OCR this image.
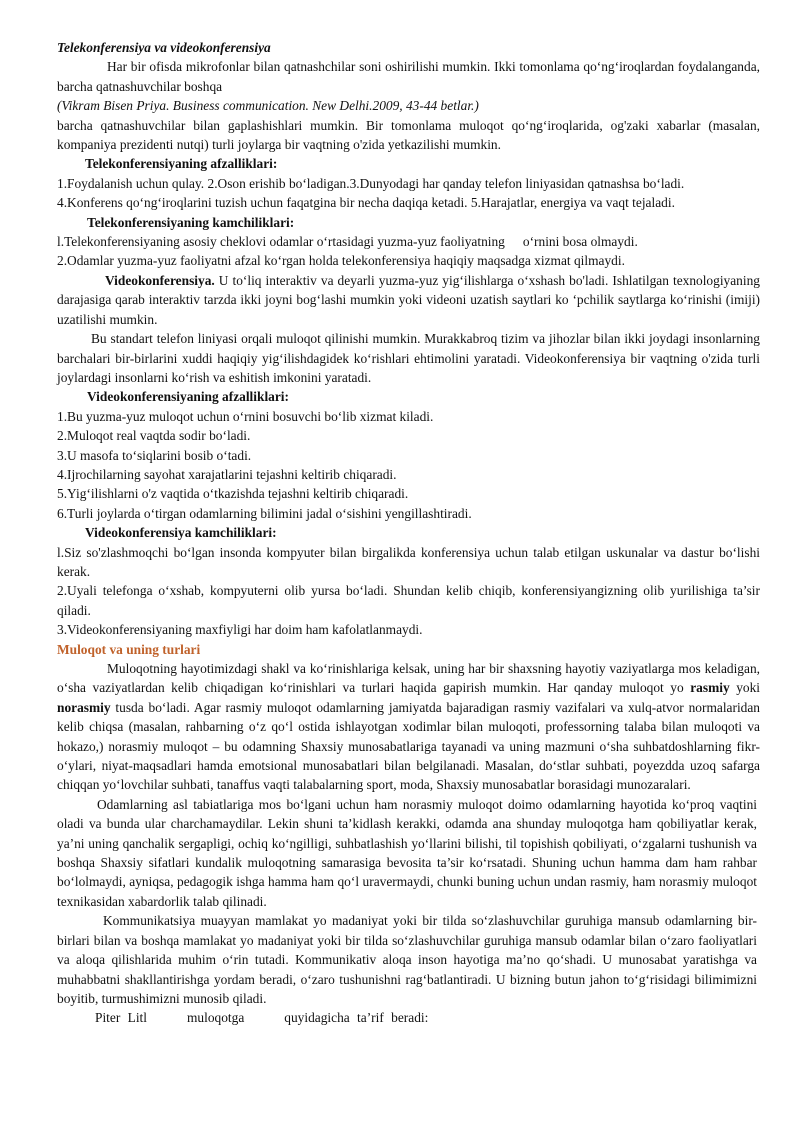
Telekonferensiya va videokonferensiya

Har bir ofisda mikrofonlar bilan qatnashchilar soni oshirilishi mumkin. Ikki tomonlama qo‘ng‘iroqlardan foydalanganda, barcha qatnashuvchilar boshqa

(Vikram Bisen Priya. Business communication. New Delhi.2009, 43-44 betlar.)

barcha qatnashuvchilar bilan gaplashishlari mumkin. Bir tomonlama muloqot qo‘ng‘iroqlarida, og'zaki xabarlar (masalan, kompaniya prezidenti nutqi) turli joylarga bir vaqtning o'zida yetkazilishi mumkin.

Telekonferensiyaning afzalliklari:

1.Foydalanish uchun qulay. 2.Oson erishib bo‘ladigan.3.Dunyodagi har qanday telefon liniyasidan qatnashsa bo‘ladi.

4.Konferens qo‘ng‘iroqlarini tuzish uchun faqatgina bir necha daqiqa ketadi. 5.Harajatlar, energiya va vaqt tejaladi.

Telekonferensiyaning kamchiliklari:

l.Telekonferensiyaning asosiy cheklovi odamlar o‘rtasidagi yuzma-yuz faoliyatning o‘rnini bosa olmaydi.

2.Odamlar yuzma-yuz faoliyatni afzal ko‘rgan holda telekonferensiya haqiqiy maqsadga xizmat qilmaydi.

Videokonferensiya. U to‘liq interaktiv va deyarli yuzma-yuz yig‘ilishlarga o‘xshash bo'ladi. Ishlatilgan texnologiyaning darajasiga qarab interaktiv tarzda ikki joyni bog‘lashi mumkin yoki videoni uzatish saytlari ko ‘pchilik saytlarga ko‘rinishi (imiji) uzatilishi mumkin.

Bu standart telefon liniyasi orqali muloqot qilinishi mumkin. Murakkabroq tizim va jihozlar bilan ikki joydagi insonlarning barchalari bir-birlarini xuddi haqiqiy yig‘ilishdagidek ko‘rishlari ehtimolini yaratadi. Videokonferensiya bir vaqtning o'zida turli joylardagi insonlarni ko‘rish va eshitish imkonini yaratadi.

Videokonferensiyaning afzalliklari:

1.Bu yuzma-yuz muloqot uchun o‘rnini bosuvchi bo‘lib xizmat kiladi.

2.Muloqot real vaqtda sodir bo‘ladi.

3.U masofa to‘siqlarini bosib o‘tadi.

4.Ijrochilarning sayohat xarajatlarini tejashni keltirib chiqaradi.

5.Yig‘ilishlarni o'z vaqtida o‘tkazishda tejashni keltirib chiqaradi.

6.Turli joylarda o‘tirgan odamlarning bilimini jadal o‘sishini yengillashtiradi.

Videokonferensiya kamchiliklari:

l.Siz so'zlashmoqchi bo‘lgan insonda kompyuter bilan birgalikda konferensiya uchun talab etilgan uskunalar va dastur bo‘lishi kerak.

2.Uyali telefonga o‘xshab, kompyuterni olib yursa bo‘ladi. Shundan kelib chiqib, konferensiyangizning olib yurilishiga ta’sir qiladi.

3.Videokonferensiyaning maxfiyligi har doim ham kafolatlanmaydi.

Muloqot va uning turlari

Muloqotning hayotimizdagi shakl va ko‘rinishlariga kelsak, uning har bir shaxsning hayotiy vaziyatlarga mos keladigan, o‘sha vaziyatlardan kelib chiqadigan ko‘rinishlari va turlari haqida gapirish mumkin. Har qanday muloqot yo rasmiy yoki norasmiy tusda bo‘ladi. Agar rasmiy muloqot odamlarning jamiyatda bajaradigan rasmiy vazifalari va xulq-atvor normalaridan kelib chiqsa (masalan, rahbarning o‘z qo‘l ostida ishlayotgan xodimlar bilan muloqoti, professorning talaba bilan muloqoti va hokazo,) norasmiy muloqot – bu odamning Shaxsiy munosabatlariga tayanadi va uning mazmuni o‘sha suhbatdoshlarning fikr-o‘ylari, niyat-maqsadlari hamda emotsional munosabatlari bilan belgilanadi. Masalan, do‘stlar suhbati, poyezdda uzoq safarga chiqqan yo‘lovchilar suhbati, tanaffus vaqti talabalarning sport, moda, Shaxsiy munosabatlar borasidagi munozaralari.

Odamlarning asl tabiatlariga mos bo‘lgani uchun ham norasmiy muloqot doimo odamlarning hayotida ko‘proq vaqtini oladi va bunda ular charchamaydilar. Lekin shuni ta’kidlash kerakki, odamda ana shunday muloqotga ham qobiliyatlar kerak, ya’ni uning qanchalik sergapligi, ochiq ko‘ngilligi, suhbatlashish yo‘llarini bilishi, til topishish qobiliyati, o‘zgalarni tushunish va boshqa Shaxsiy sifatlari kundalik muloqotning samarasiga bevosita ta’sir ko‘rsatadi. Shuning uchun hamma dam ham rahbar bo‘lolmaydi, ayniqsa, pedagogik ishga hamma ham qo‘l uravermaydi, chunki buning uchun undan rasmiy, ham norasmiy muloqot texnikasidan xabardorlik talab qilinadi.

Kommunikatsiya muayyan mamlakat yo madaniyat yoki bir tilda so‘zlashuvchilar guruhiga mansub odamlarning bir-birlari bilan va boshqa mamlakat yo madaniyat yoki bir tilda so‘zlashuvchilar guruhiga mansub odamlar bilan o‘zaro faoliyatlari va aloqa qilishlarida muhim o‘rin tutadi. Kommunikativ aloqa inson hayotiga ma’no qo‘shadi. U munosabat yaratishga va muhabbatni shakllantirishga yordam beradi, o‘zaro tushunishni rag‘batlantiradi. U bizning butun jahon to‘g‘risidagi bilimimizni boyitib, turmushimizni munosib qiladi.

Piter Litl	muloqotga	quyidagicha ta’rif beradi:
